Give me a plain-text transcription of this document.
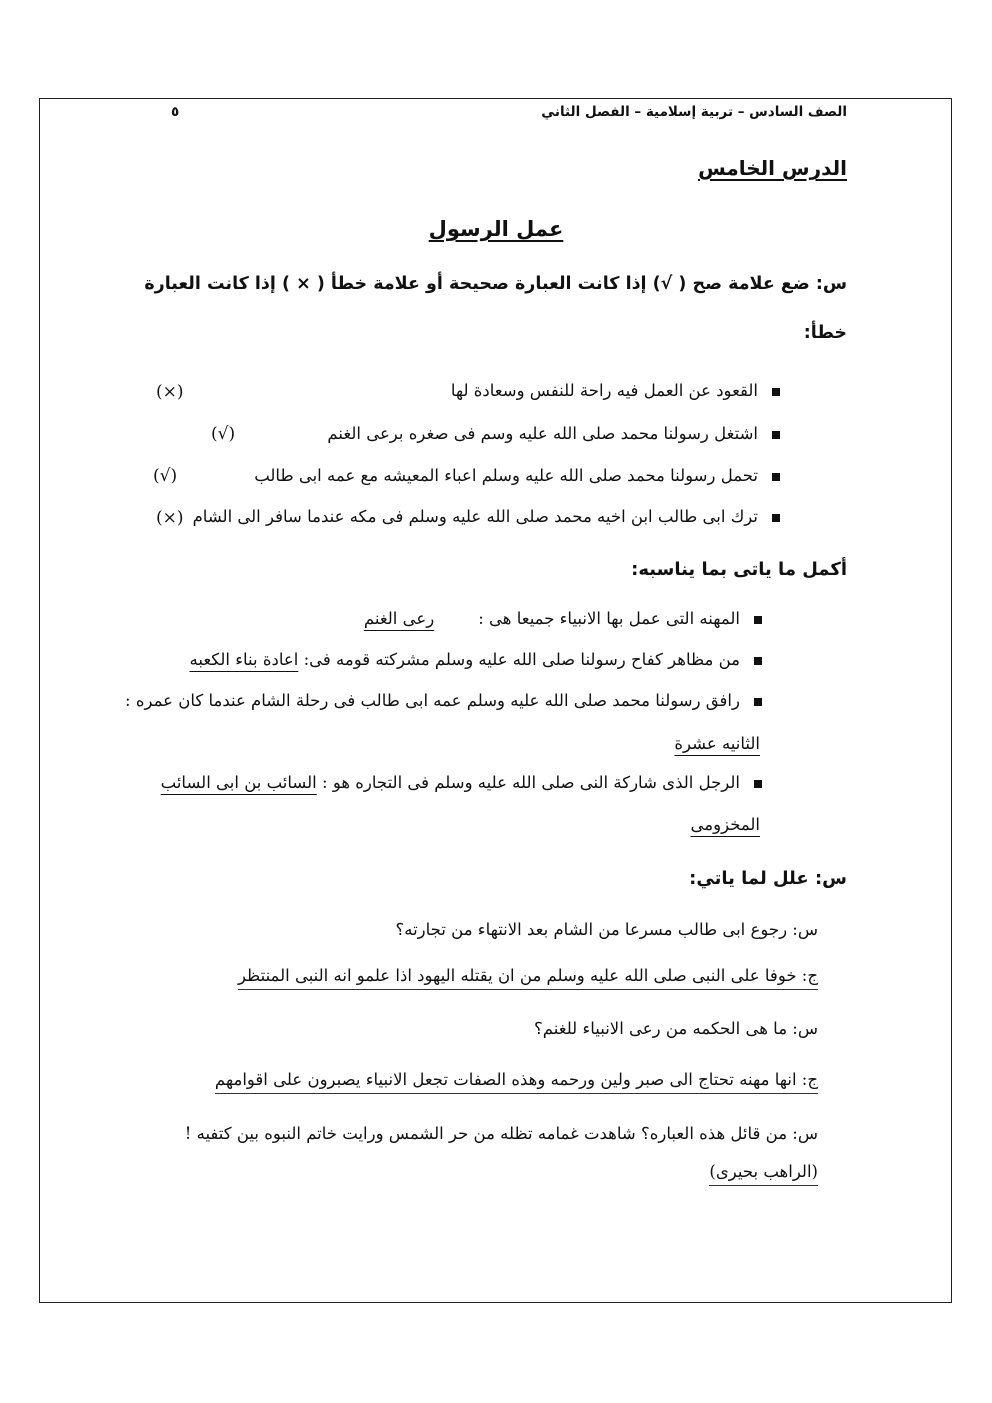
الصف السادس – تربية إسلامية – الفصل الثاني
٥
الدرس الخامس
عمل الرسول
س: ضع علامة صح ( √) إذا كانت العبارة صحيحة أو علامة خطأ ( × ) إذا كانت العبارة
خطأ:
القعود عن العمل فيه راحة للنفس وسعادة لها
(×)
اشتغل رسولنا محمد صلى الله عليه وسم فى صغره برعى الغنم
(√)
تحمل رسولنا محمد صلى الله عليه وسلم اعباء المعيشه مع عمه ابى طالب
(√)
ترك ابى طالب ابن اخيه محمد صلى الله عليه وسلم فى مكه عندما سافر الى الشام
(×)
أكمل ما ياتى بما يناسبه:
المهنه التى عمل بها الانبياء جميعا هى :رعى الغنم
من مظاهر كفاح رسولنا صلى الله عليه وسلم مشركته قومه فى: اعادة بناء الكعبه
رافق رسولنا محمد صلى الله عليه وسلم عمه ابى طالب فى رحلة الشام عندما كان عمره :
الثانيه عشرة
الرجل الذى شاركة النى صلى الله عليه وسلم فى التجاره هو : السائب بن ابى السائب
المخزومى
س: علل لما ياتي:
س: رجوع ابى طالب مسرعا من الشام بعد الانتهاء من تجارته؟
ج: خوفا على النبى صلى الله عليه وسلم من ان يقتله اليهود اذا علمو انه النبى المنتظر
س: ما هى الحكمه من رعى الانبياء للغنم؟
ج: انها مهنه تحتاج الى صبر ولين ورحمه وهذه الصفات تجعل الانبياء يصبرون على اقوامهم
س: من قائل هذه العباره؟ شاهدت غمامه تظله من حر الشمس ورايت خاتم النبوه بين كتفيه !
(الراهب بحيرى)
